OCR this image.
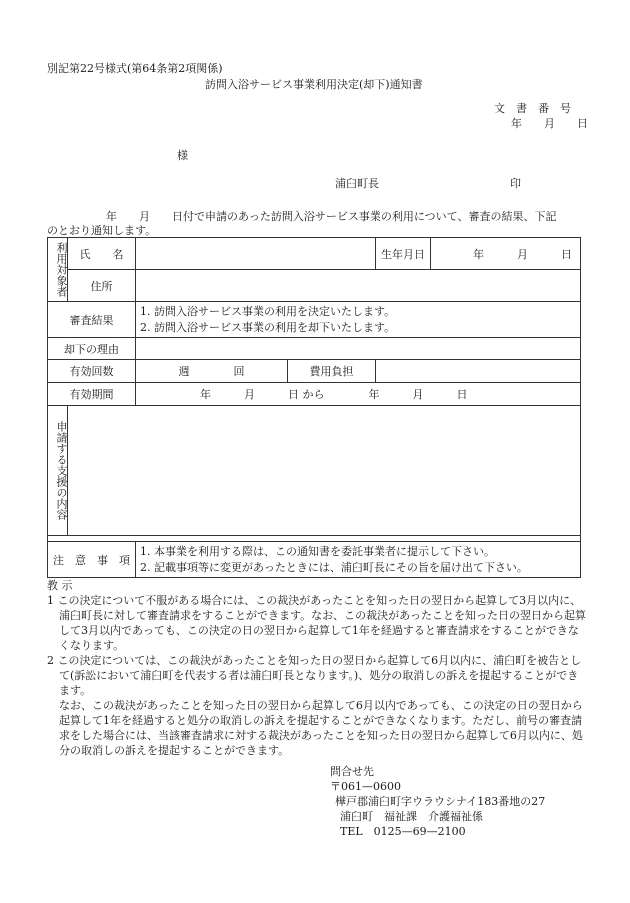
別記第22号様式(第64条第2項関係)
訪問入浴サービス事業利用決定(却下)通知書
文　書　番　号
年　　月　　日
様
浦臼町長	印
年　　月　　日付で申請のあった訪問入浴サービス事業の利用について、審査の結果、下記
のとおり通知します。
利用対象者	氏　　名			生年月日	年　　　月　　　日
	住所				
審査結果		1. 訪問入浴サービス事業の利用を決定いたします。
2. 訪問入浴サービス事業の利用を却下いたします。			

却下の理由					
有効回数		週　　　　回	費用負担		
有効期間		年　　　月　　　日 から　　　　年　　　月　　　日			
申請する支援の内容					

注　意　事　項		1. 本事業を利用する際は、この通知書を委託事業者に提示して下さい。
2. 記載事項等に変更があったときには、浦臼町長にその旨を届け出て下さい。			

教 示

1 この決定について不服がある場合には、この裁決があったことを知った日の翌日から起算して3月以内に、浦臼町長に対して審査請求をすることができます。なお、この裁決があったことを知った日の翌日から起算して3月以内であっても、この決定の日の翌日から起算して1年を経過すると審査請求をすることができなくなります。

2 この決定については、この裁決があったことを知った日の翌日から起算して6月以内に、浦臼町を被告として(訴訟において浦臼町を代表する者は浦臼町長となります。)、処分の取消しの訴えを提起することができます。

なお、この裁決があったことを知った日の翌日から起算して6月以内であっても、この決定の日の翌日から起算して1年を経過すると処分の取消しの訴えを提起することができなくなります。ただし、前号の審査請求をした場合には、当該審査請求に対する裁決があったことを知った日の翌日から起算して6月以内に、処分の取消しの訴えを提起することができます。

問合せ先
〒061—0600
樺戸郡浦臼町字ウラウシナイ183番地の27
浦臼町　福祉課　介護福祉係
TEL　0125—69—2100
